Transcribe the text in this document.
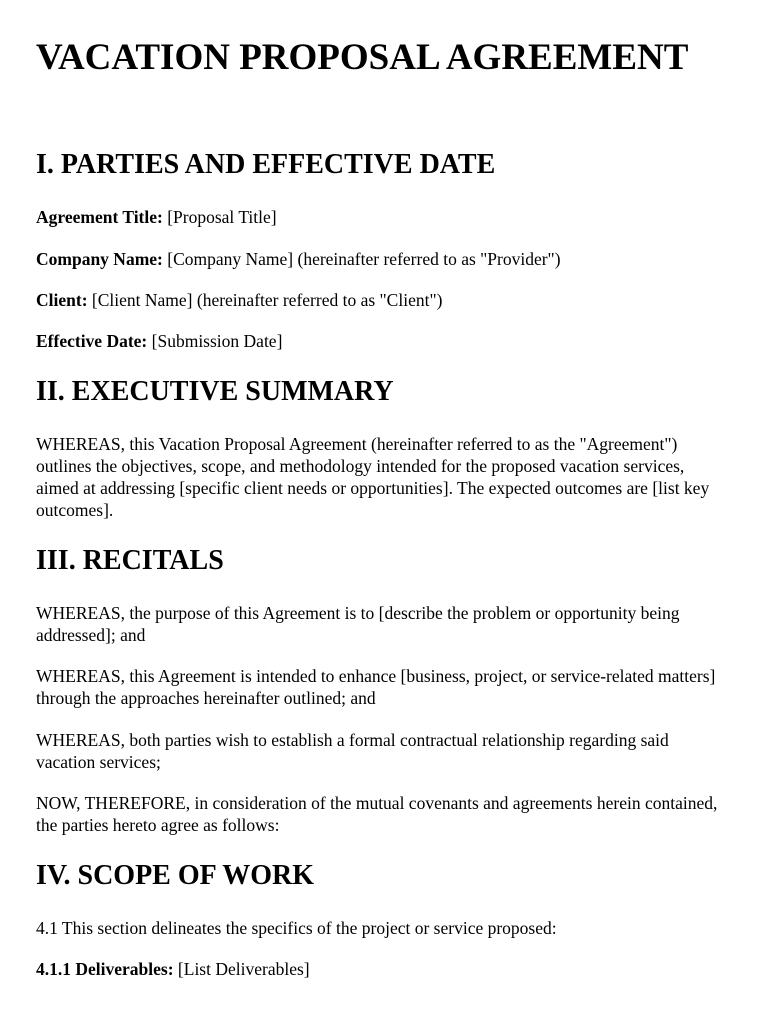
VACATION PROPOSAL AGREEMENT
I. PARTIES AND EFFECTIVE DATE

Agreement Title: [Proposal Title]

Company Name: [Company Name] (hereinafter referred to as "Provider")

Client: [Client Name] (hereinafter referred to as "Client")

Effective Date: [Submission Date]

II. EXECUTIVE SUMMARY

WHEREAS, this Vacation Proposal Agreement (hereinafter referred to as the "Agreement") outlines the objectives, scope, and methodology intended for the proposed vacation services, aimed at addressing [specific client needs or opportunities]. The expected outcomes are [list key outcomes].

III. RECITALS

WHEREAS, the purpose of this Agreement is to [describe the problem or opportunity being addressed]; and

WHEREAS, this Agreement is intended to enhance [business, project, or service-related matters] through the approaches hereinafter outlined; and

WHEREAS, both parties wish to establish a formal contractual relationship regarding said vacation services;

NOW, THEREFORE, in consideration of the mutual covenants and agreements herein contained, the parties hereto agree as follows:

IV. SCOPE OF WORK

4.1 This section delineates the specifics of the project or service proposed:

4.1.1 Deliverables: [List Deliverables]
